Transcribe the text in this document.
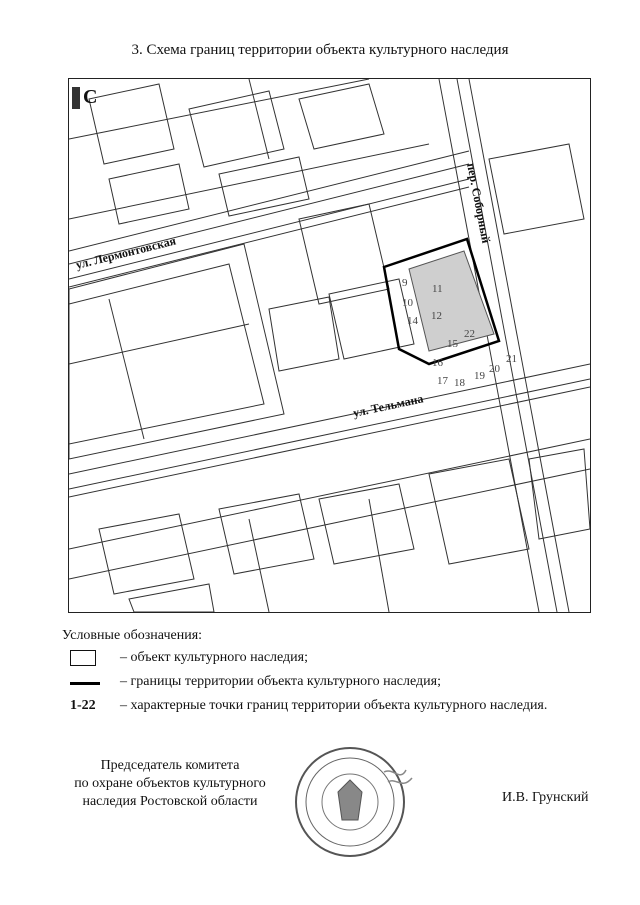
3. Схема границ территории объекта культурного наследия
9 11
10
12
14
15
22
16
17 18
19
20
21
ул. Лермонтовская
ул. Тельмана
пер. Соборный
С
Условные обозначения:
– объект культурного наследия;
– границы территории объекта культурного наследия;
1-22	– характерные точки границ территории объекта культурного наследия.
Председатель комитета
по охране объектов культурного
наследия Ростовской области	И.В. Грунский
